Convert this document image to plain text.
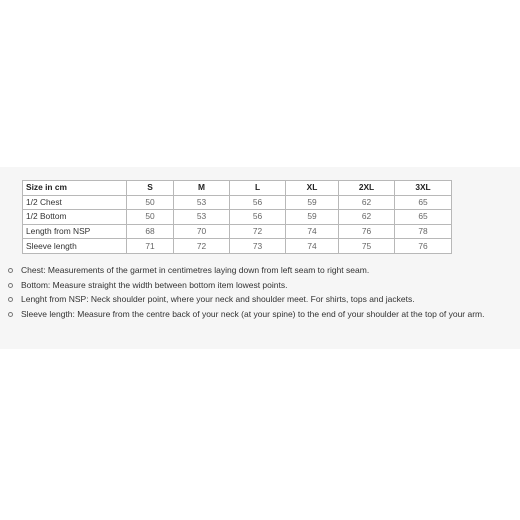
Size in cm	S	M	L	XL	2XL	3XL
1/2 Chest	50	53	56	59	62	65
1/2 Bottom	50	53	56	59	62	65
Length from NSP	68	70	72	74	76	78
Sleeve length	71	72	73	74	75	76
Chest: Measurements of the garmet in centimetres laying down from left seam to right seam.
Bottom: Measure straight the width between bottom item lowest points.
Lenght from NSP: Neck shoulder point, where your neck and shoulder meet. For shirts, tops and jackets.
Sleeve length: Measure from the centre back of your neck (at your spine) to the end of your shoulder at the top of your arm.
